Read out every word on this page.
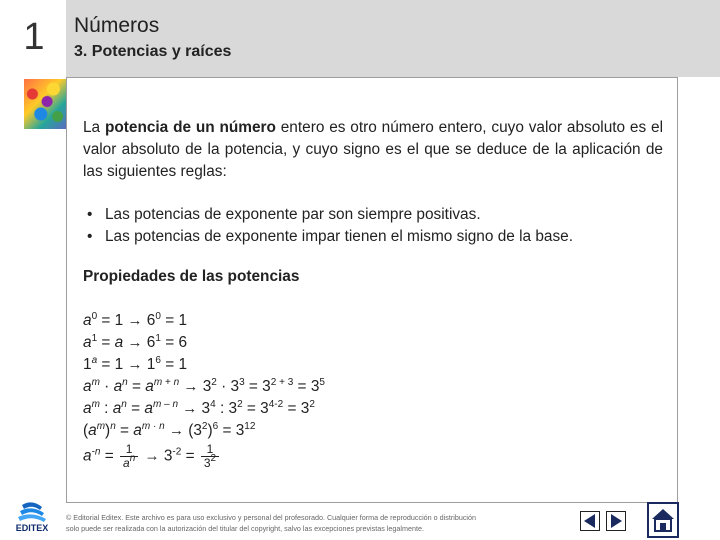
1	Números
3. Potencias y raíces

La potencia de un número entero es otro número entero, cuyo valor absoluto es el valor absoluto de la potencia, y cuyo signo es el que se deduce de la aplicación de las siguientes reglas:

• Las potencias de exponente par son siempre positivas.
• Las potencias de exponente impar tienen el mismo signo de la base.
Propiedades de las potencias
$a^0 = 1 \to 6^0 = 1$
$a^1 = a \to 6^1 = 6$
$1^a = 1 \to 1^6 = 1$
$a^m \cdot a^n = a^{m + n} \to 3^2 \cdot 3^3 = 3^{2 + 3} = 3^5$
$a^m$ : $a^n = a^{m - n} \to 3^4$ : $3^2 = 3^{4-2} = 3^2$
$(a^m)^n = a^{m \cdot n} \to (3^2)^6 = 3^{12}$
$a^{-n} = \frac{1}{a^n} \to 3^{-2} = \frac{1}{3^2}$
EDITEX
© Editorial Editex. Este archivo es para uso exclusivo y personal del profesorado. Cualquier forma de reproducción o distribución
solo puede ser realizada con la autorización del titular del copyright, salvo las excepciones previstas legalmente.
